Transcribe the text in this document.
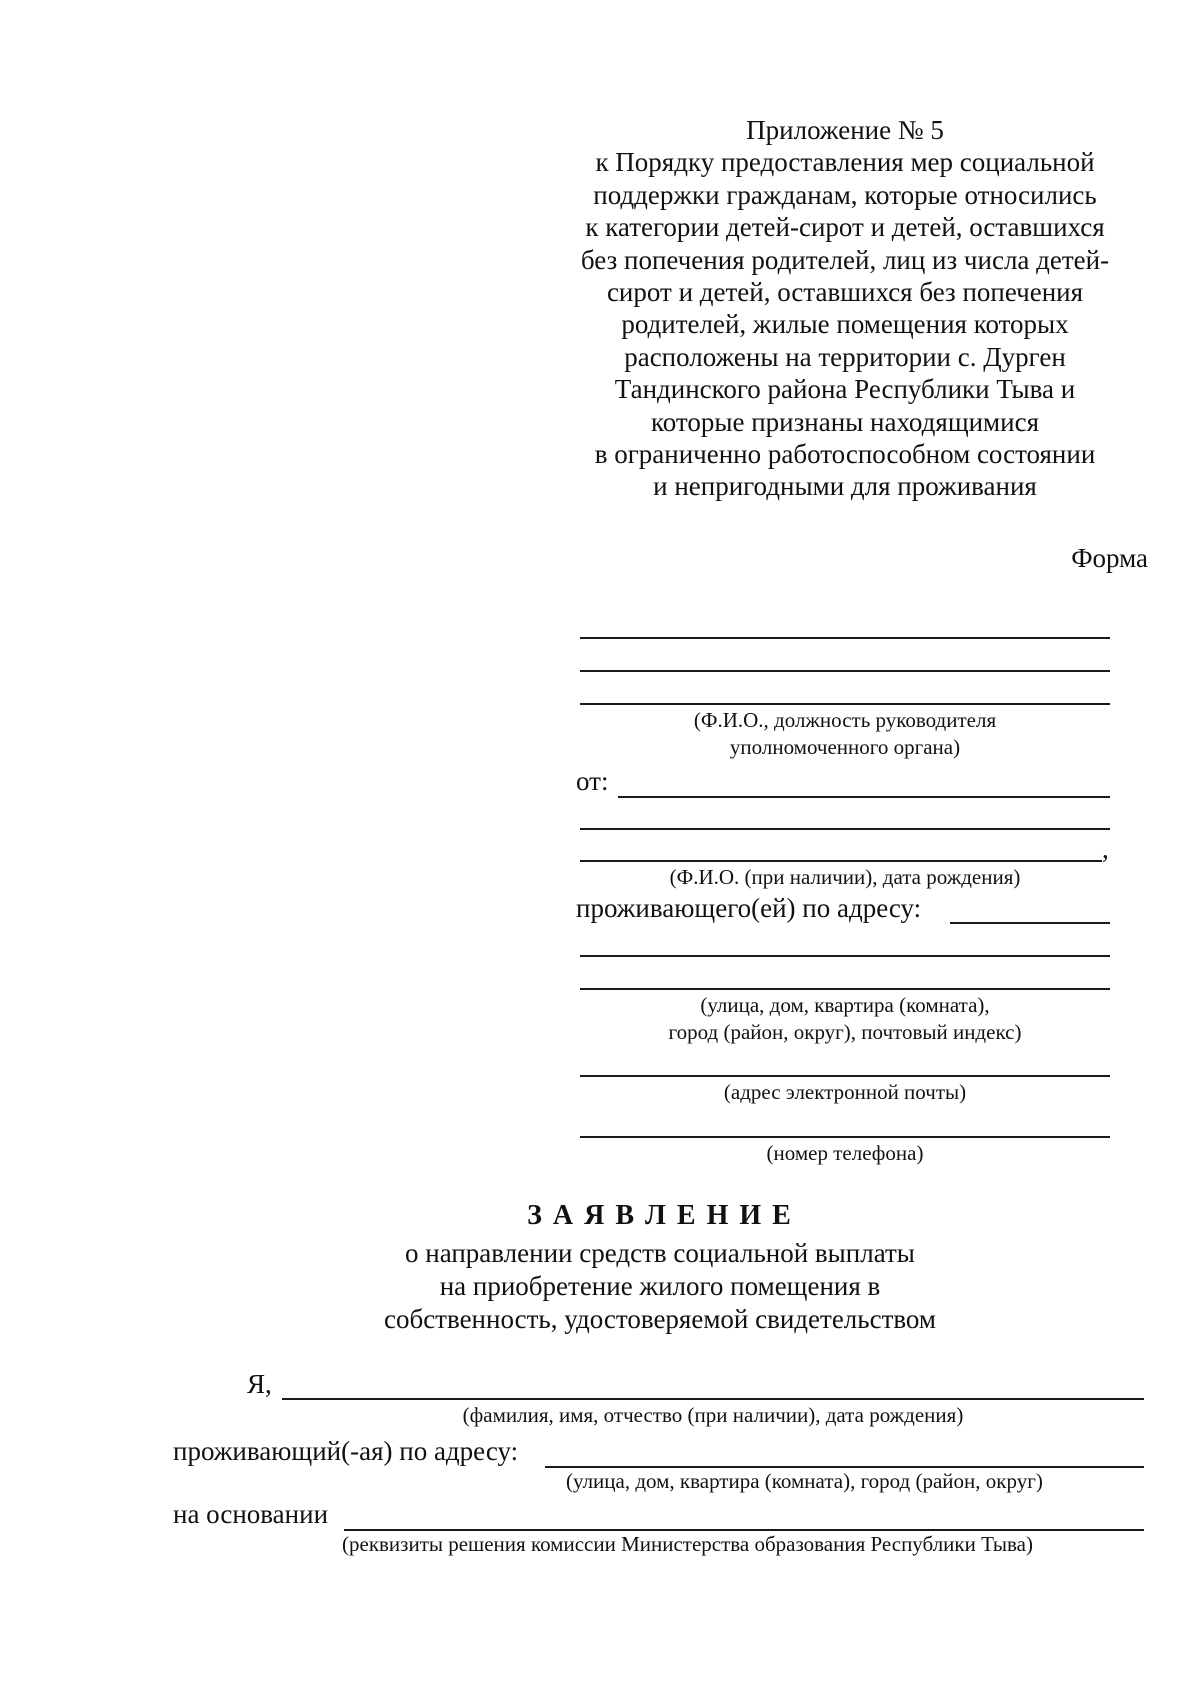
Приложение № 5
к Порядку предоставления мер социальной
поддержки гражданам, которые относились
к категории детей-сирот и детей, оставшихся
без попечения родителей, лиц из числа детей-
сирот и детей, оставшихся без попечения
родителей, жилые помещения которых
расположены на территории с. Дурген
Тандинского района Республики Тыва и
которые признаны находящимися
в ограниченно работоспособном состоянии
и непригодными для проживания
Форма
(Ф.И.О., должность руководителя
уполномоченного органа)
от:
,
(Ф.И.О. (при наличии), дата рождения)
проживающего(ей) по адресу:
(улица, дом, квартира (комната),
город (район, округ), почтовый индекс)
(адрес электронной почты)
(номер телефона)
З А Я В Л Е Н И Е
о направлении средств социальной выплаты
на приобретение жилого помещения в
собственность, удостоверяемой свидетельством
Я,
(фамилия, имя, отчество (при наличии), дата рождения)
проживающий(-ая) по адресу:
(улица, дом, квартира (комната), город (район, округ)
на основании
(реквизиты решения комиссии Министерства образования Республики Тыва)
